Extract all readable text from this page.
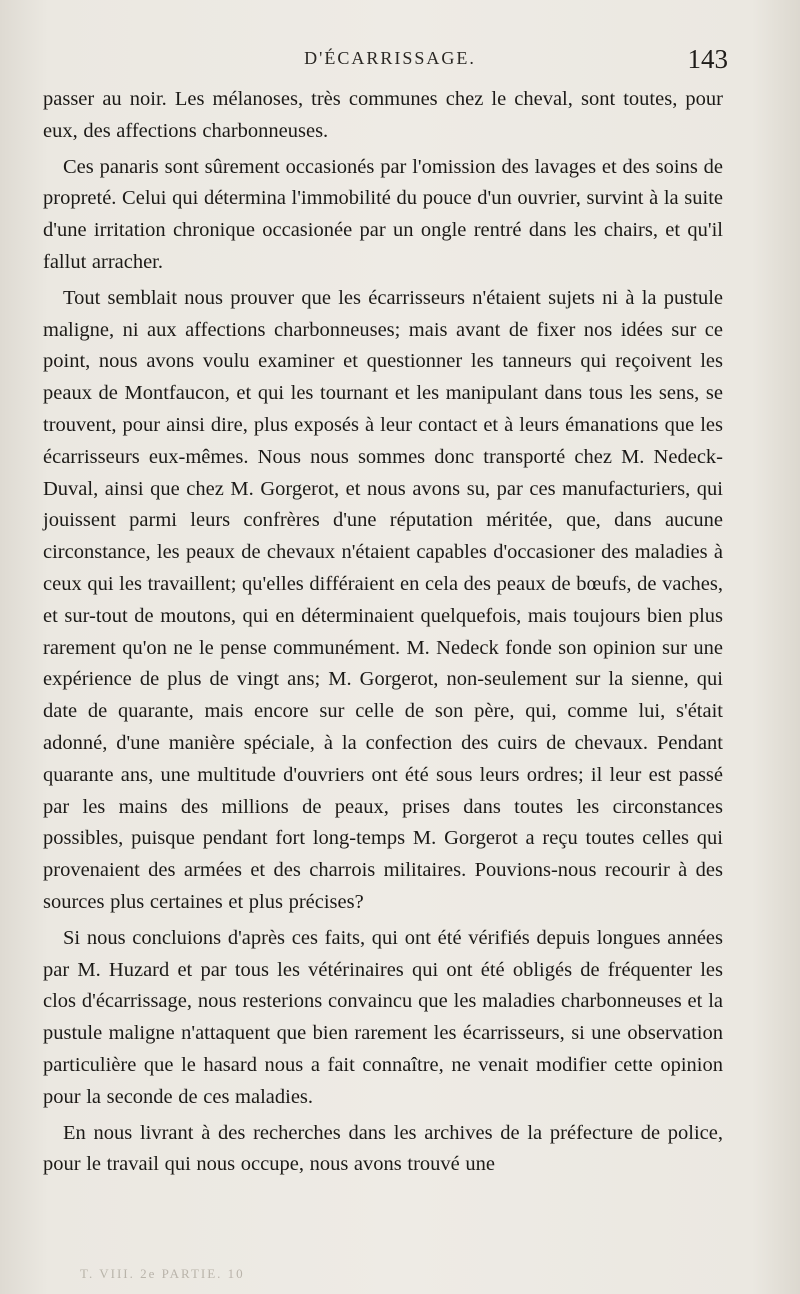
D'ÉCARRISSAGE.	143

passer au noir. Les mélanoses, très communes chez le cheval, sont toutes, pour eux, des affections charbonneuses.

Ces panaris sont sûrement occasionés par l'omission des lavages et des soins de propreté. Celui qui détermina l'immobilité du pouce d'un ouvrier, survint à la suite d'une irritation chronique occasionée par un ongle rentré dans les chairs, et qu'il fallut arracher.

Tout semblait nous prouver que les écarrisseurs n'étaient sujets ni à la pustule maligne, ni aux affections charbonneuses; mais avant de fixer nos idées sur ce point, nous avons voulu examiner et questionner les tanneurs qui reçoivent les peaux de Montfaucon, et qui les tournant et les manipulant dans tous les sens, se trouvent, pour ainsi dire, plus exposés à leur contact et à leurs émanations que les écarrisseurs eux-mêmes. Nous nous sommes donc transporté chez M. Nedeck-Duval, ainsi que chez M. Gorgerot, et nous avons su, par ces manufacturiers, qui jouissent parmi leurs confrères d'une réputation méritée, que, dans aucune circonstance, les peaux de chevaux n'étaient capables d'occasioner des maladies à ceux qui les travaillent; qu'elles différaient en cela des peaux de bœufs, de vaches, et sur-tout de moutons, qui en déterminaient quelquefois, mais toujours bien plus rarement qu'on ne le pense communément. M. Nedeck fonde son opinion sur une expérience de plus de vingt ans; M. Gorgerot, non-seulement sur la sienne, qui date de quarante, mais encore sur celle de son père, qui, comme lui, s'était adonné, d'une manière spéciale, à la confection des cuirs de chevaux. Pendant quarante ans, une multitude d'ouvriers ont été sous leurs ordres; il leur est passé par les mains des millions de peaux, prises dans toutes les circonstances possibles, puisque pendant fort long-temps M. Gorgerot a reçu toutes celles qui provenaient des armées et des charrois militaires. Pouvions-nous recourir à des sources plus certaines et plus précises?

Si nous concluions d'après ces faits, qui ont été vérifiés depuis longues années par M. Huzard et par tous les vétérinaires qui ont été obligés de fréquenter les clos d'écarrissage, nous resterions convaincu que les maladies charbonneuses et la pustule maligne n'attaquent que bien rarement les écarrisseurs, si une observation particulière que le hasard nous a fait connaître, ne venait modifier cette opinion pour la seconde de ces maladies.

En nous livrant à des recherches dans les archives de la préfecture de police, pour le travail qui nous occupe, nous avons trouvé une

T. VIII. 2e PARTIE. 10
